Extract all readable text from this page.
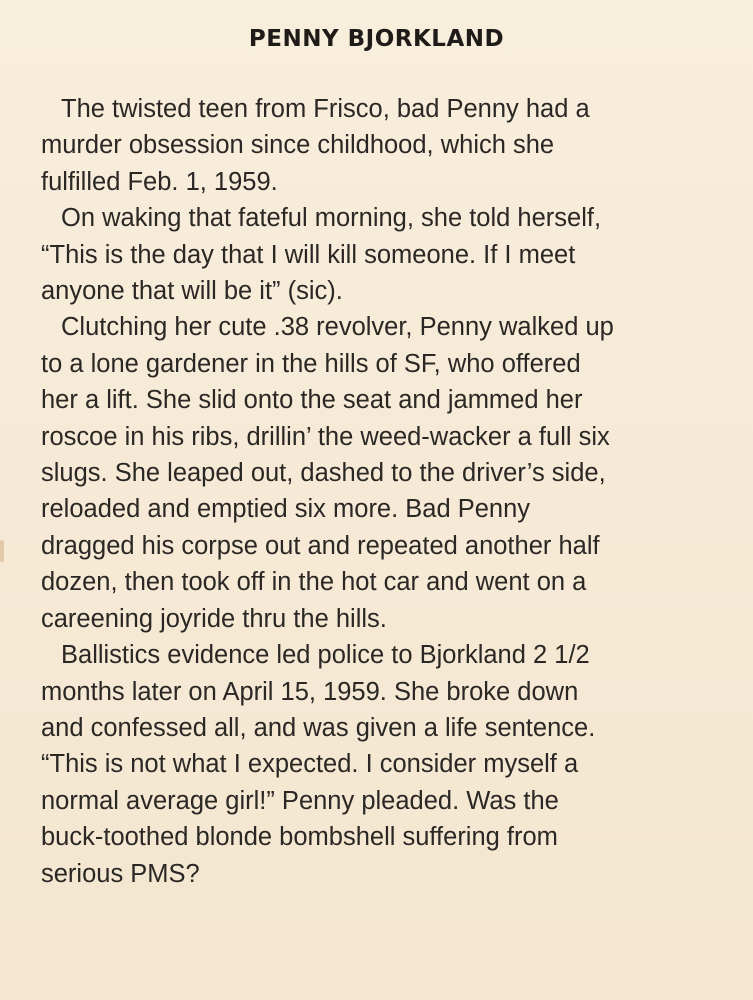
PENNY BJORKLAND
The twisted teen from Frisco, bad Penny had a
murder obsession since childhood, which she
fulfilled Feb. 1, 1959.
On waking that fateful morning, she told herself,
“This is the day that I will kill someone. If I meet
anyone that will be it” (sic).
Clutching her cute .38 revolver, Penny walked up
to a lone gardener in the hills of SF, who offered
her a lift. She slid onto the seat and jammed her
roscoe in his ribs, drillin’ the weed-wacker a full six
slugs. She leaped out, dashed to the driver’s side,
reloaded and emptied six more. Bad Penny
dragged his corpse out and repeated another half
dozen, then took off in the hot car and went on a
careening joyride thru the hills.
Ballistics evidence led police to Bjorkland 2 1/2
months later on April 15, 1959. She broke down
and confessed all, and was given a life sentence.
“This is not what I expected. I consider myself a
normal average girl!” Penny pleaded. Was the
buck-toothed blonde bombshell suffering from
serious PMS?
